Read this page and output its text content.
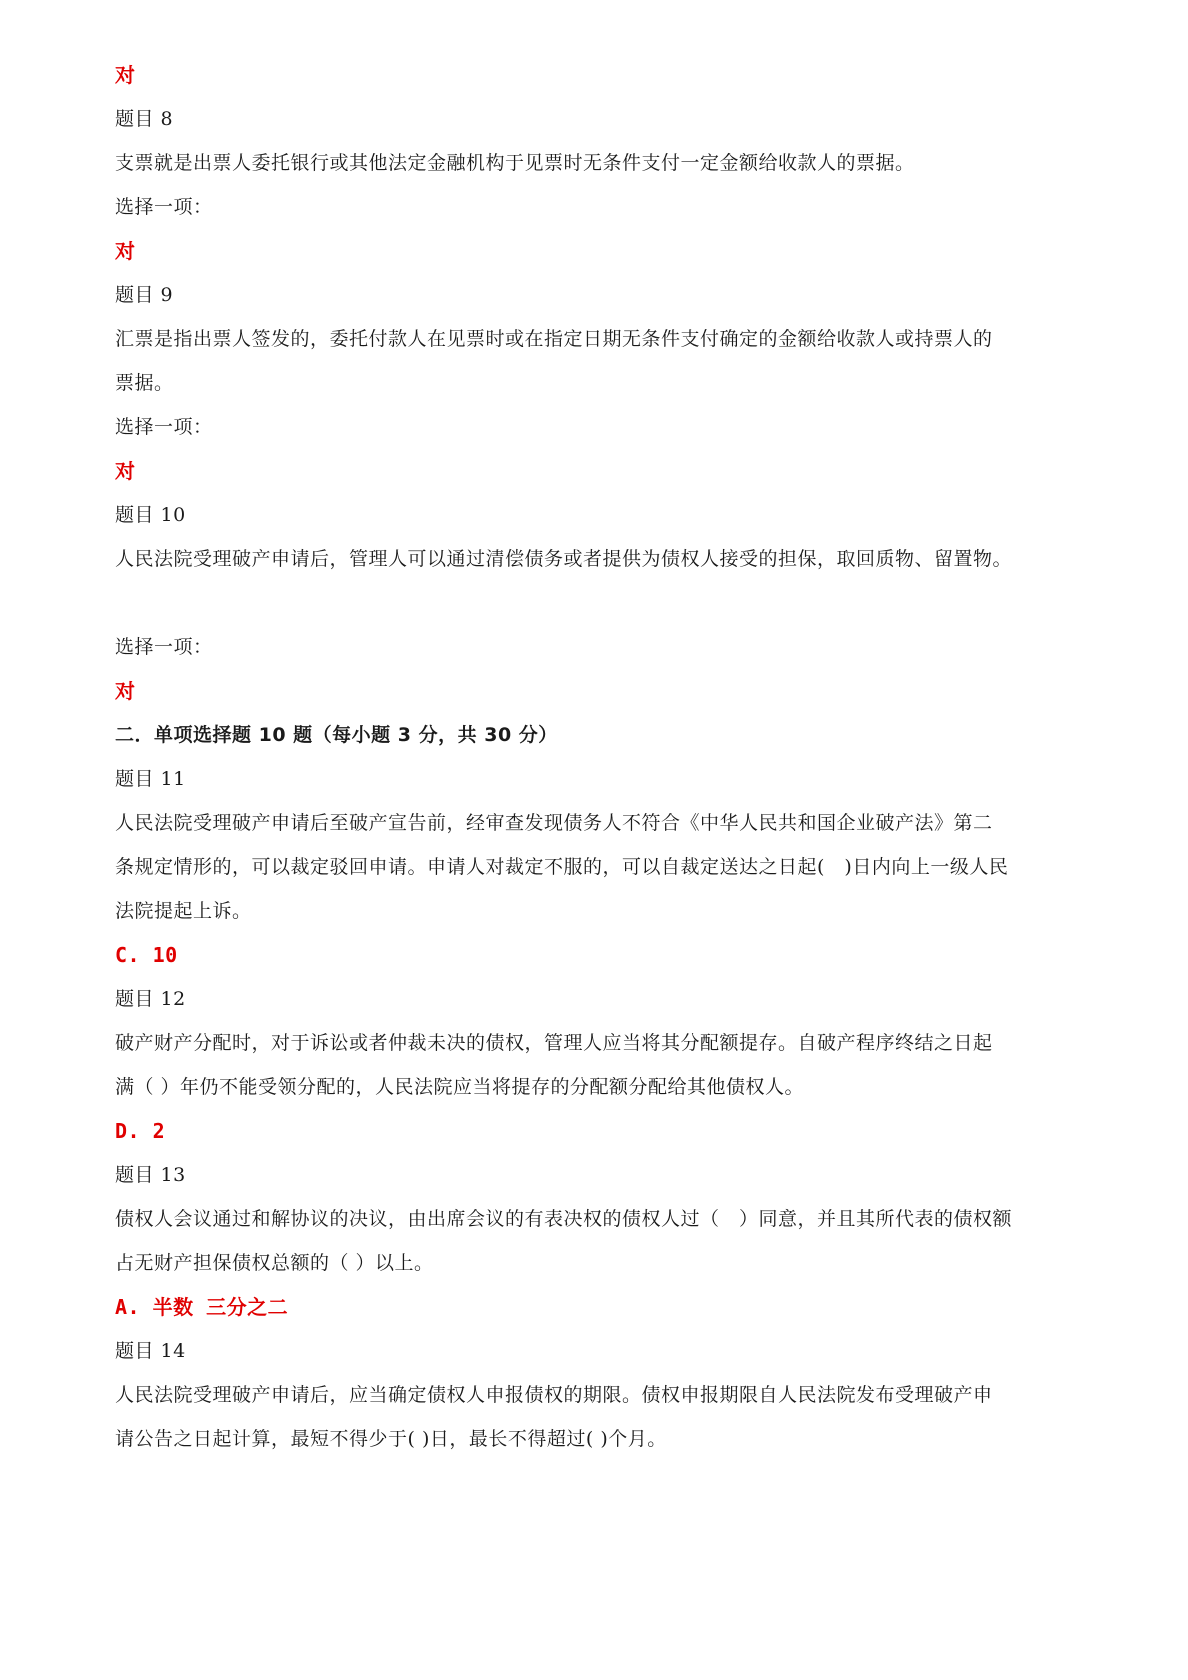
对
题目 8
支票就是出票人委托银行或其他法定金融机构于见票时无条件支付一定金额给收款人的票据。
选择一项：
对
题目 9
汇票是指出票人签发的，委托付款人在见票时或在指定日期无条件支付确定的金额给收款人或持票人的
票据。
选择一项：
对
题目 10
人民法院受理破产申请后，管理人可以通过清偿债务或者提供为债权人接受的担保，取回质物、留置物。
选择一项：
对
二．单项选择题 10 题（每小题 3 分，共 30 分）
题目 11
人民法院受理破产申请后至破产宣告前，经审查发现债务人不符合《中华人民共和国企业破产法》第二
条规定情形的，可以裁定驳回申请。申请人对裁定不服的，可以自裁定送达之日起(　)日内向上一级人民
法院提起上诉。
C. 10
题目 12
破产财产分配时，对于诉讼或者仲裁未决的债权，管理人应当将其分配额提存。自破产程序终结之日起
满（ ）年仍不能受领分配的，人民法院应当将提存的分配额分配给其他债权人。
D. 2
题目 13
债权人会议通过和解协议的决议，由出席会议的有表决权的债权人过（　）同意，并且其所代表的债权额
占无财产担保债权总额的（ ）以上。
A. 半数 三分之二
题目 14
人民法院受理破产申请后，应当确定债权人申报债权的期限。债权申报期限自人民法院发布受理破产申
请公告之日起计算，最短不得少于( )日，最长不得超过( )个月。
